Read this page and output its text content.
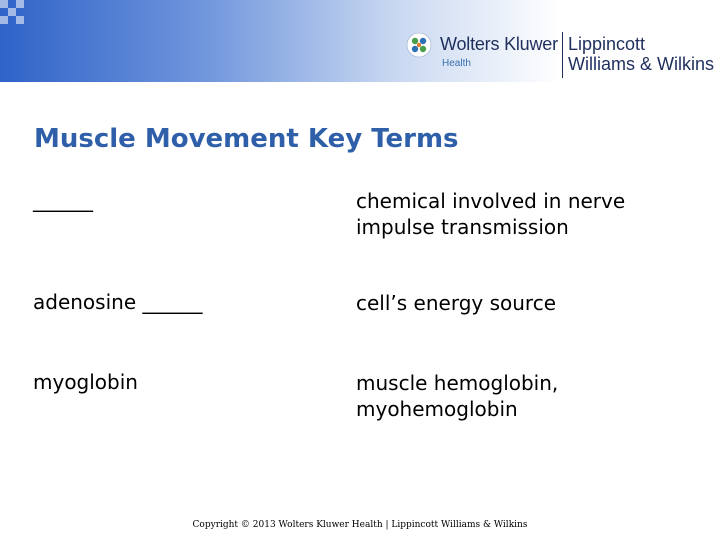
Wolters Kluwer
Health
Lippincott
Williams & Wilkins
Muscle Movement Key Terms
______	chemical involved in nerve impulse transmission
adenosine ______	cell’s energy source
myoglobin	muscle hemoglobin, myohemoglobin
Copyright © 2013 Wolters Kluwer Health | Lippincott Williams & Wilkins
